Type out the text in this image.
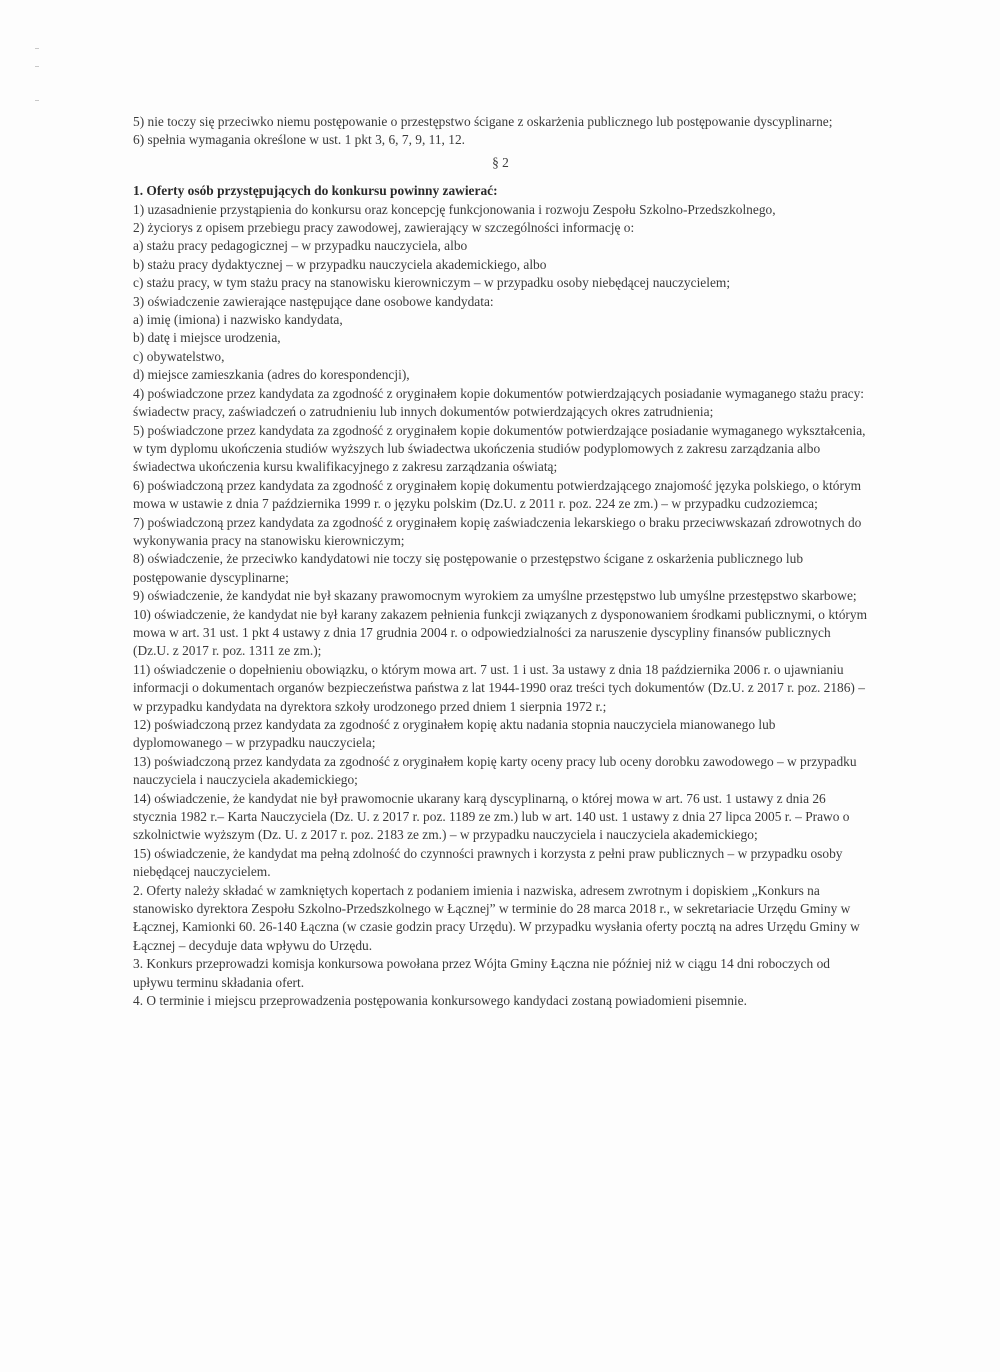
5) nie toczy się przeciwko niemu postępowanie o przestępstwo ścigane z oskarżenia publicznego lub postępowanie dyscyplinarne;

6) spełnia wymagania określone w ust. 1 pkt 3, 6, 7, 9, 11, 12.

§ 2

1. Oferty osób przystępujących do konkursu powinny zawierać:

1) uzasadnienie przystąpienia do konkursu oraz koncepcję funkcjonowania i rozwoju Zespołu Szkolno-Przedszkolnego,

2) życiorys z opisem przebiegu pracy zawodowej, zawierający w szczególności informację o:

a) stażu pracy pedagogicznej – w przypadku nauczyciela, albo

b) stażu pracy dydaktycznej – w przypadku nauczyciela akademickiego, albo

c) stażu pracy, w tym stażu pracy na stanowisku kierowniczym – w przypadku osoby niebędącej nauczycielem;

3) oświadczenie zawierające następujące dane osobowe kandydata:

a) imię (imiona) i nazwisko kandydata,

b) datę i miejsce urodzenia,

c) obywatelstwo,

d) miejsce zamieszkania (adres do korespondencji),

4) poświadczone przez kandydata za zgodność z oryginałem kopie dokumentów potwierdzających posiadanie wymaganego stażu pracy: świadectw pracy, zaświadczeń o zatrudnieniu lub innych dokumentów potwierdzających okres zatrudnienia;

5) poświadczone przez kandydata za zgodność z oryginałem kopie dokumentów potwierdzające posiadanie wymaganego wykształcenia, w tym dyplomu ukończenia studiów wyższych lub świadectwa ukończenia studiów podyplomowych z zakresu zarządzania albo świadectwa ukończenia kursu kwalifikacyjnego z zakresu zarządzania oświatą;

6) poświadczoną przez kandydata za zgodność z oryginałem kopię dokumentu potwierdzającego znajomość języka polskiego, o którym mowa w ustawie z dnia 7 października 1999 r. o języku polskim (Dz.U. z 2011 r. poz. 224 ze zm.) – w przypadku cudzoziemca;

7) poświadczoną przez kandydata za zgodność z oryginałem kopię zaświadczenia lekarskiego o braku przeciwwskazań zdrowotnych do wykonywania pracy na stanowisku kierowniczym;

8) oświadczenie, że przeciwko kandydatowi nie toczy się postępowanie o przestępstwo ścigane z oskarżenia publicznego lub postępowanie dyscyplinarne;

9) oświadczenie, że kandydat nie był skazany prawomocnym wyrokiem za umyślne przestępstwo lub umyślne przestępstwo skarbowe;

10) oświadczenie, że kandydat nie był karany zakazem pełnienia funkcji związanych z dysponowaniem środkami publicznymi, o którym mowa w art. 31 ust. 1 pkt 4 ustawy z dnia 17 grudnia 2004 r. o odpowiedzialności za naruszenie dyscypliny finansów publicznych (Dz.U. z 2017 r. poz. 1311 ze zm.);

11) oświadczenie o dopełnieniu obowiązku, o którym mowa art. 7 ust. 1 i ust. 3a ustawy z dnia 18 października 2006 r. o ujawnianiu informacji o dokumentach organów bezpieczeństwa państwa z lat 1944-1990 oraz treści tych dokumentów (Dz.U. z 2017 r. poz. 2186) – w przypadku kandydata na dyrektora szkoły urodzonego przed dniem 1 sierpnia 1972 r.;

12) poświadczoną przez kandydata za zgodność z oryginałem kopię aktu nadania stopnia nauczyciela mianowanego lub dyplomowanego – w przypadku nauczyciela;

13) poświadczoną przez kandydata za zgodność z oryginałem kopię karty oceny pracy lub oceny dorobku zawodowego – w przypadku nauczyciela i nauczyciela akademickiego;

14) oświadczenie, że kandydat nie był prawomocnie ukarany karą dyscyplinarną, o której mowa w art. 76 ust. 1 ustawy z dnia 26 stycznia 1982 r.– Karta Nauczyciela (Dz. U. z 2017 r. poz. 1189 ze zm.) lub w art. 140 ust. 1 ustawy z dnia 27 lipca 2005 r. – Prawo o szkolnictwie wyższym (Dz. U. z 2017 r. poz. 2183 ze zm.) – w przypadku nauczyciela i nauczyciela akademickiego;

15) oświadczenie, że kandydat ma pełną zdolność do czynności prawnych i korzysta z pełni praw publicznych – w przypadku osoby niebędącej nauczycielem.

2. Oferty należy składać w zamkniętych kopertach z podaniem imienia i nazwiska, adresem zwrotnym i dopiskiem „Konkurs na stanowisko dyrektora Zespołu Szkolno-Przedszkolnego w Łącznej” w terminie do 28 marca 2018 r., w sekretariacie Urzędu Gminy w Łącznej, Kamionki 60. 26-140 Łączna (w czasie godzin pracy Urzędu). W przypadku wysłania oferty pocztą na adres Urzędu Gminy w Łącznej – decyduje data wpływu do Urzędu.

3. Konkurs przeprowadzi komisja konkursowa powołana przez Wójta Gminy Łączna nie później niż w ciągu 14 dni roboczych od upływu terminu składania ofert.

4. O terminie i miejscu przeprowadzenia postępowania konkursowego kandydaci zostaną powiadomieni pisemnie.
